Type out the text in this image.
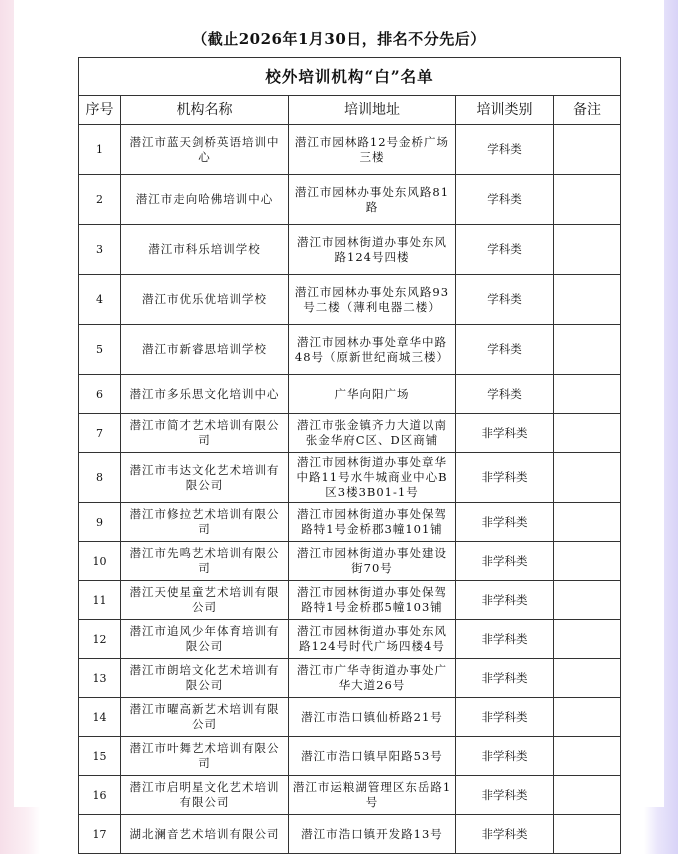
（截止2026年1月30日，排名不分先后）
校外培训机构“白”名单				
序号	机构名称	培训地址	培训类别	备注
1	潜江市蓝天剑桥英语培训中心	潜江市园林路12号金桥广场三楼	学科类	
2	潜江市走向哈佛培训中心	潜江市园林办事处东风路81路	学科类	
3	潜江市科乐培训学校	潜江市园林街道办事处东风路124号四楼	学科类	
4	潜江市优乐优培训学校	潜江市园林办事处东风路93号二楼（薄利电器二楼）	学科类	
5	潜江市新睿思培训学校	潜江市园林办事处章华中路48号（原新世纪商城三楼）	学科类	
6	潜江市多乐思文化培训中心	广华向阳广场	学科类	
7	潜江市简才艺术培训有限公司	潜江市张金镇齐力大道以南张金华府C区、D区商铺	非学科类	
8	潜江市韦达文化艺术培训有限公司	潜江市园林街道办事处章华中路11号水牛城商业中心B区3楼3B01-1号	非学科类	
9	潜江市修拉艺术培训有限公司	潜江市园林街道办事处保驾路特1号金桥郡3幢101铺	非学科类	
10	潜江市先鸣艺术培训有限公司	潜江市园林街道办事处建设街70号	非学科类	
11	潜江天使星童艺术培训有限公司	潜江市园林街道办事处保驾路特1号金桥郡5幢103铺	非学科类	
12	潜江市追风少年体育培训有限公司	潜江市园林街道办事处东风路124号时代广场四楼4号	非学科类	
13	潜江市朗培文化艺术培训有限公司	潜江市广华寺街道办事处广华大道26号	非学科类	
14	潜江市曜高新艺术培训有限公司	潜江市浩口镇仙桥路21号	非学科类	
15	潜江市叶舞艺术培训有限公司	潜江市浩口镇早阳路53号	非学科类	
16	潜江市启明星文化艺术培训有限公司	潜江市运粮湖管理区东岳路1号	非学科类	
17	湖北澜音艺术培训有限公司	潜江市浩口镇开发路13号	非学科类	
